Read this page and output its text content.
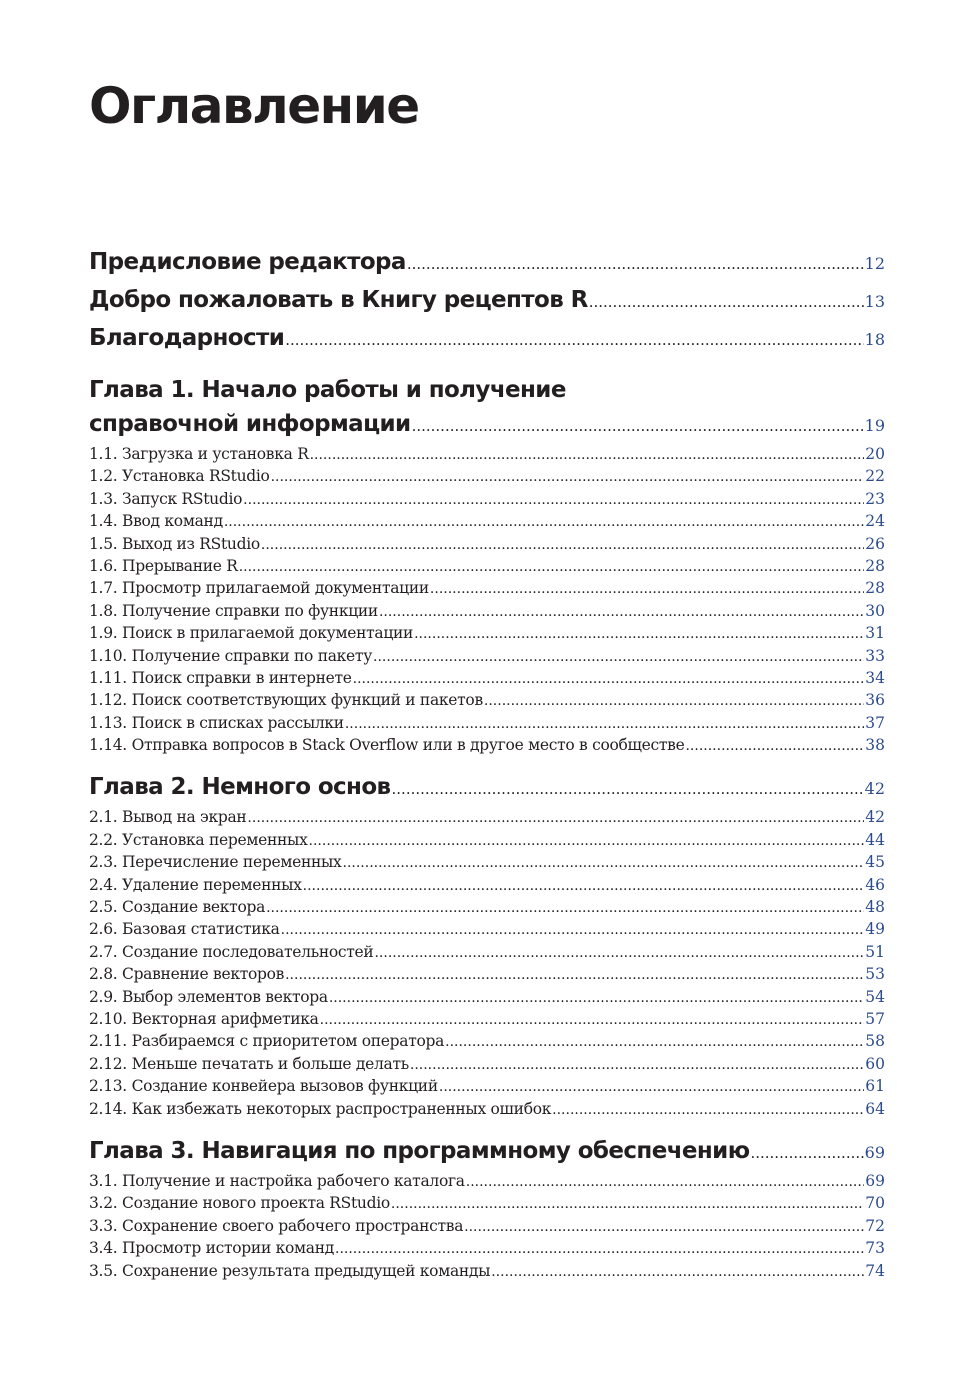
Оглавление
Предисловие редактора .....	12
Добро пожаловать в Книгу рецептов R .....	13
Благодарности .....	18
Глава 1. Начало работы и получение
справочной информации .....	19
1.1. Загрузка и установка R .....	20
1.2. Установка RStudio .....	22
1.3. Запуск RStudio .....	23
1.4. Ввод команд .....	24
1.5. Выход из RStudio .....	26
1.6. Прерывание R .....	28
1.7. Просмотр прилагаемой документации .....	28
1.8. Получение справки по функции .....	30
1.9. Поиск в прилагаемой документации .....	31
1.10. Получение справки по пакету .....	33
1.11. Поиск справки в интернете .....	34
1.12. Поиск соответствующих функций и пакетов .....	36
1.13. Поиск в списках рассылки .....	37
1.14. Отправка вопросов в Stack Overflow или в другое место в сообществе .....	38
Глава 2. Немного основ .....	42
2.1. Вывод на экран .....	42
2.2. Установка переменных .....	44
2.3. Перечисление переменных .....	45
2.4. Удаление переменных .....	46
2.5. Создание вектора .....	48
2.6. Базовая статистика .....	49
2.7. Создание последовательностей .....	51
2.8. Сравнение векторов .....	53
2.9. Выбор элементов вектора .....	54
2.10. Векторная арифметика .....	57
2.11. Разбираемся с приоритетом оператора .....	58
2.12. Меньше печатать и больше делать .....	60
2.13. Создание конвейера вызовов функций .....	61
2.14. Как избежать некоторых распространенных ошибок .....	64
Глава 3. Навигация по программному обеспечению .....	69
3.1. Получение и настройка рабочего каталога .....	69
3.2. Создание нового проекта RStudio .....	70
3.3. Сохранение своего рабочего пространства .....	72
3.4. Просмотр истории команд .....	73
3.5. Сохранение результата предыдущей команды .....	74
